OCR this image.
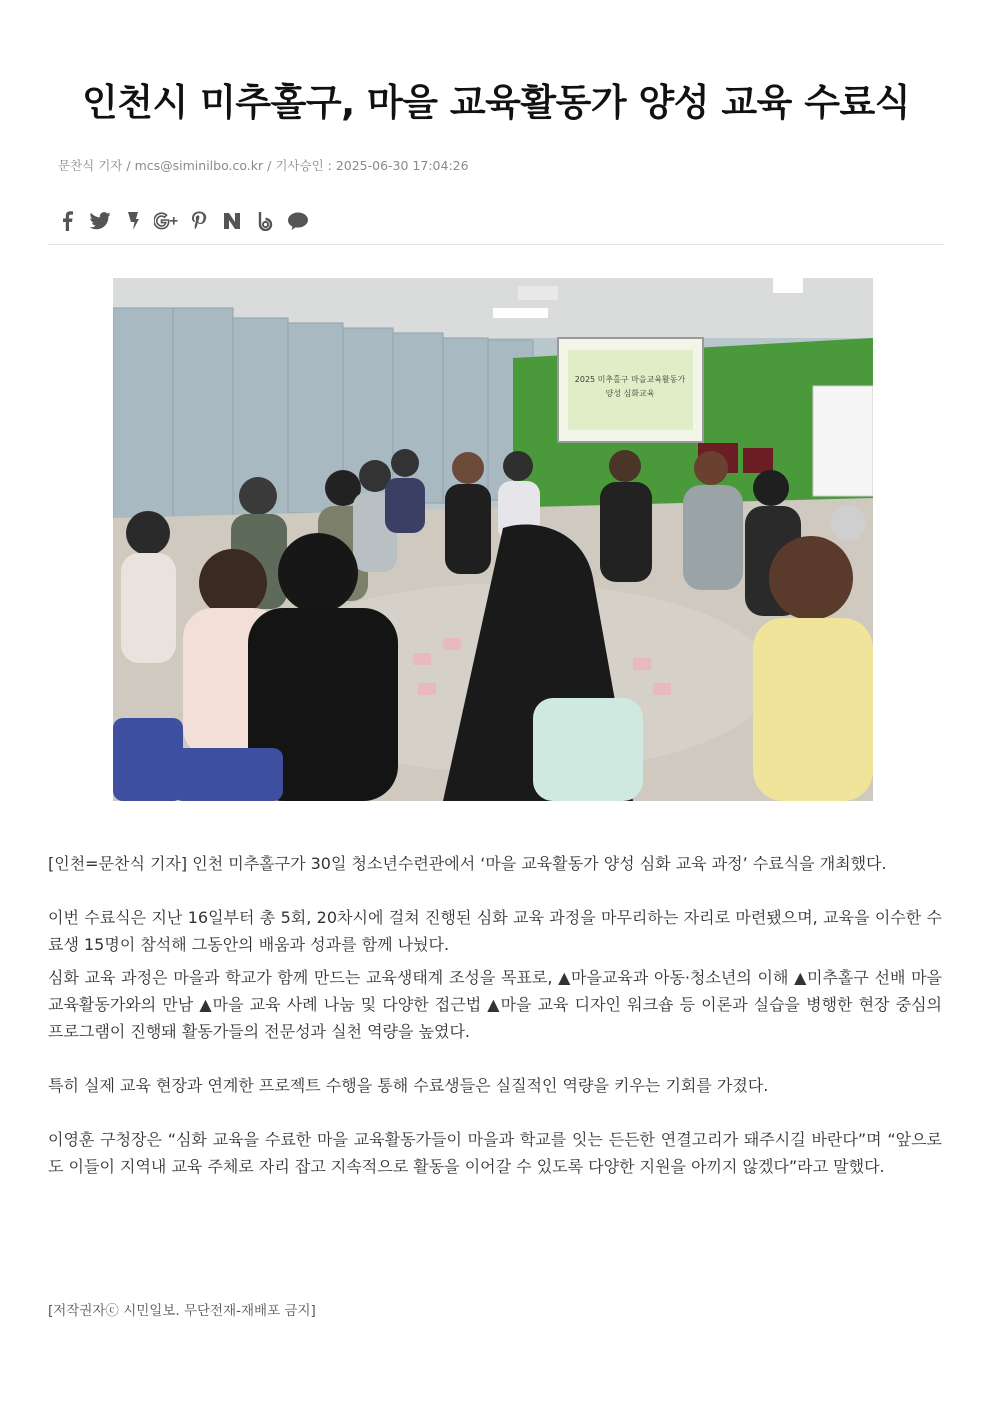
인천시 미추홀구, 마을 교육활동가 양성 교육 수료식
문찬식 기자 / mcs@siminilbo.co.kr / 기사승인 : 2025-06-30 17:04:26
2025 미추홀구 마을교육활동가
양성 심화교육

[인천=문찬식 기자] 인천 미추홀구가 30일 청소년수련관에서 ‘마을 교육활동가 양성 심화 교육 과정’ 수료식을 개최했다.

이번 수료식은 지난 16일부터 총 5회, 20차시에 걸쳐 진행된 심화 교육 과정을 마무리하는 자리로 마련됐으며, 교육을 이수한 수료생 15명이 참석해 그동안의 배움과 성과를 함께 나눴다.

심화 교육 과정은 마을과 학교가 함께 만드는 교육생태계 조성을 목표로, ▲마을교육과 아동·청소년의 이해 ▲미추홀구 선배 마을 교육활동가와의 만남 ▲마을 교육 사례 나눔 및 다양한 접근법 ▲마을 교육 디자인 워크숍 등 이론과 실습을 병행한 현장 중심의 프로그램이 진행돼 활동가들의 전문성과 실천 역량을 높였다.

특히 실제 교육 현장과 연계한 프로젝트 수행을 통해 수료생들은 실질적인 역량을 키우는 기회를 가졌다.

이영훈 구청장은 “심화 교육을 수료한 마을 교육활동가들이 마을과 학교를 잇는 든든한 연결고리가 돼주시길 바란다”며 “앞으로도 이들이 지역내 교육 주체로 자리 잡고 지속적으로 활동을 이어갈 수 있도록 다양한 지원을 아끼지 않겠다”라고 말했다.

[저작권자ⓒ 시민일보. 무단전재-재배포 금지]
